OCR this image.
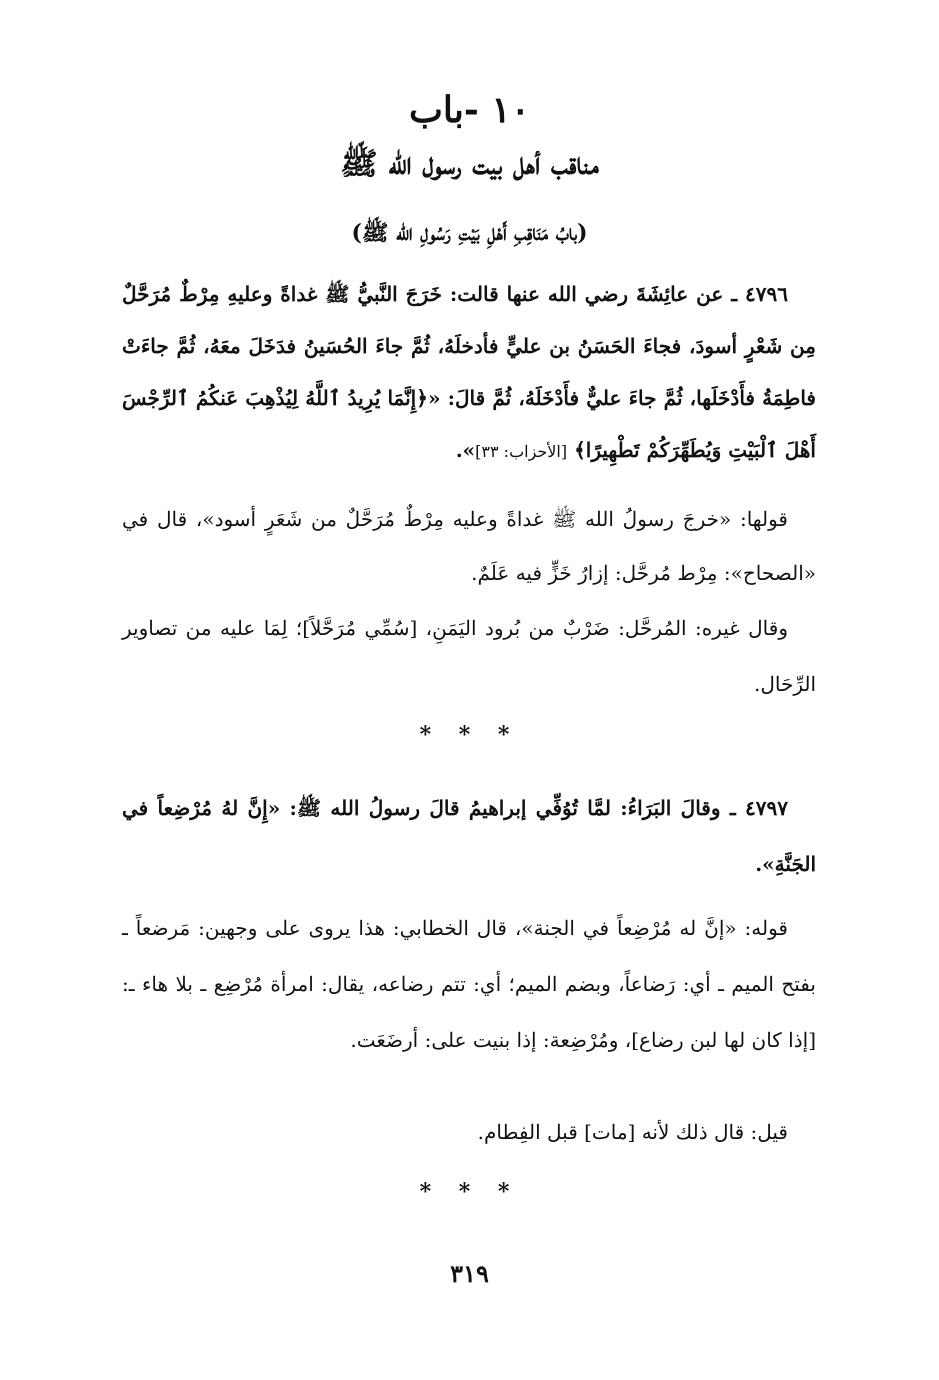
١٠ -باب
مناقب أهل بيت رسول الله ﷺ
(بابُ مَنَاقِبِ أَهْلِ بَيْتِ رَسُولِ الله ﷺ)

٤٧٩٦ ـ عن عائِشَةَ رضي الله عنها قالت: خَرَجَ النَّبيُّ ﷺ غداةً وعليهِ مِرْطٌ مُرَحَّلٌ مِن شَعْرٍ أسودَ، فجاءَ الحَسَنُ بن عليٍّ فأدخلَهُ، ثُمَّ جاءَ الحُسَينُ فدَخَلَ معَهُ، ثُمَّ جاءَتْ فاطِمَةُ فأَدْخَلَها، ثُمَّ جاءَ عليٌّ فأَدْخَلَهُ، ثُمَّ قالَ: «﴿إِنَّمَا يُرِيدُ ٱللَّهُ لِيُذْهِبَ عَنكُمُ ٱلرِّجْسَ أَهْلَ ٱلْبَيْتِ وَيُطَهِّرَكُمْ تَطْهِيرًا﴾ [الأحزاب: ٣٣]».

قولها: «خرجَ رسولُ الله ﷺ غداةً وعليه مِرْطٌ مُرَحَّلٌ من شَعَرٍ أسود»، قال في «الصحاح»: مِرْط مُرحَّل: إزارُ خَزٍّ فيه عَلَمٌ.

وقال غيره: المُرحَّل: ضَرْبٌ من بُرود اليَمَنِ، [سُمِّي مُرَحَّلاً]؛ لِمَا عليه من تصاوير الرِّحَال.

* * *

٤٧٩٧ ـ وقالَ البَرَاءُ: لمَّا تُوُفِّي إبراهيمُ قالَ رسولُ الله ﷺ: «إِنَّ لهُ مُرْضِعاً في الجَنَّةِ».

قوله: «إنَّ له مُرْضِعاً في الجنة»، قال الخطابي: هذا يروى على وجهين: مَرضعاً ـ بفتح الميم ـ أي: رَضاعاً، وبضم الميم؛ أي: تتم رضاعه، يقال: امرأة مُرْضِع ـ بلا هاء ـ: [إذا كان لها لبن رضاع]، ومُرْضِعة: إذا بنيت على: أرضَعَت.

قيل: قال ذلك لأنه [مات] قبل الفِطام.

* * *
٣١٩
